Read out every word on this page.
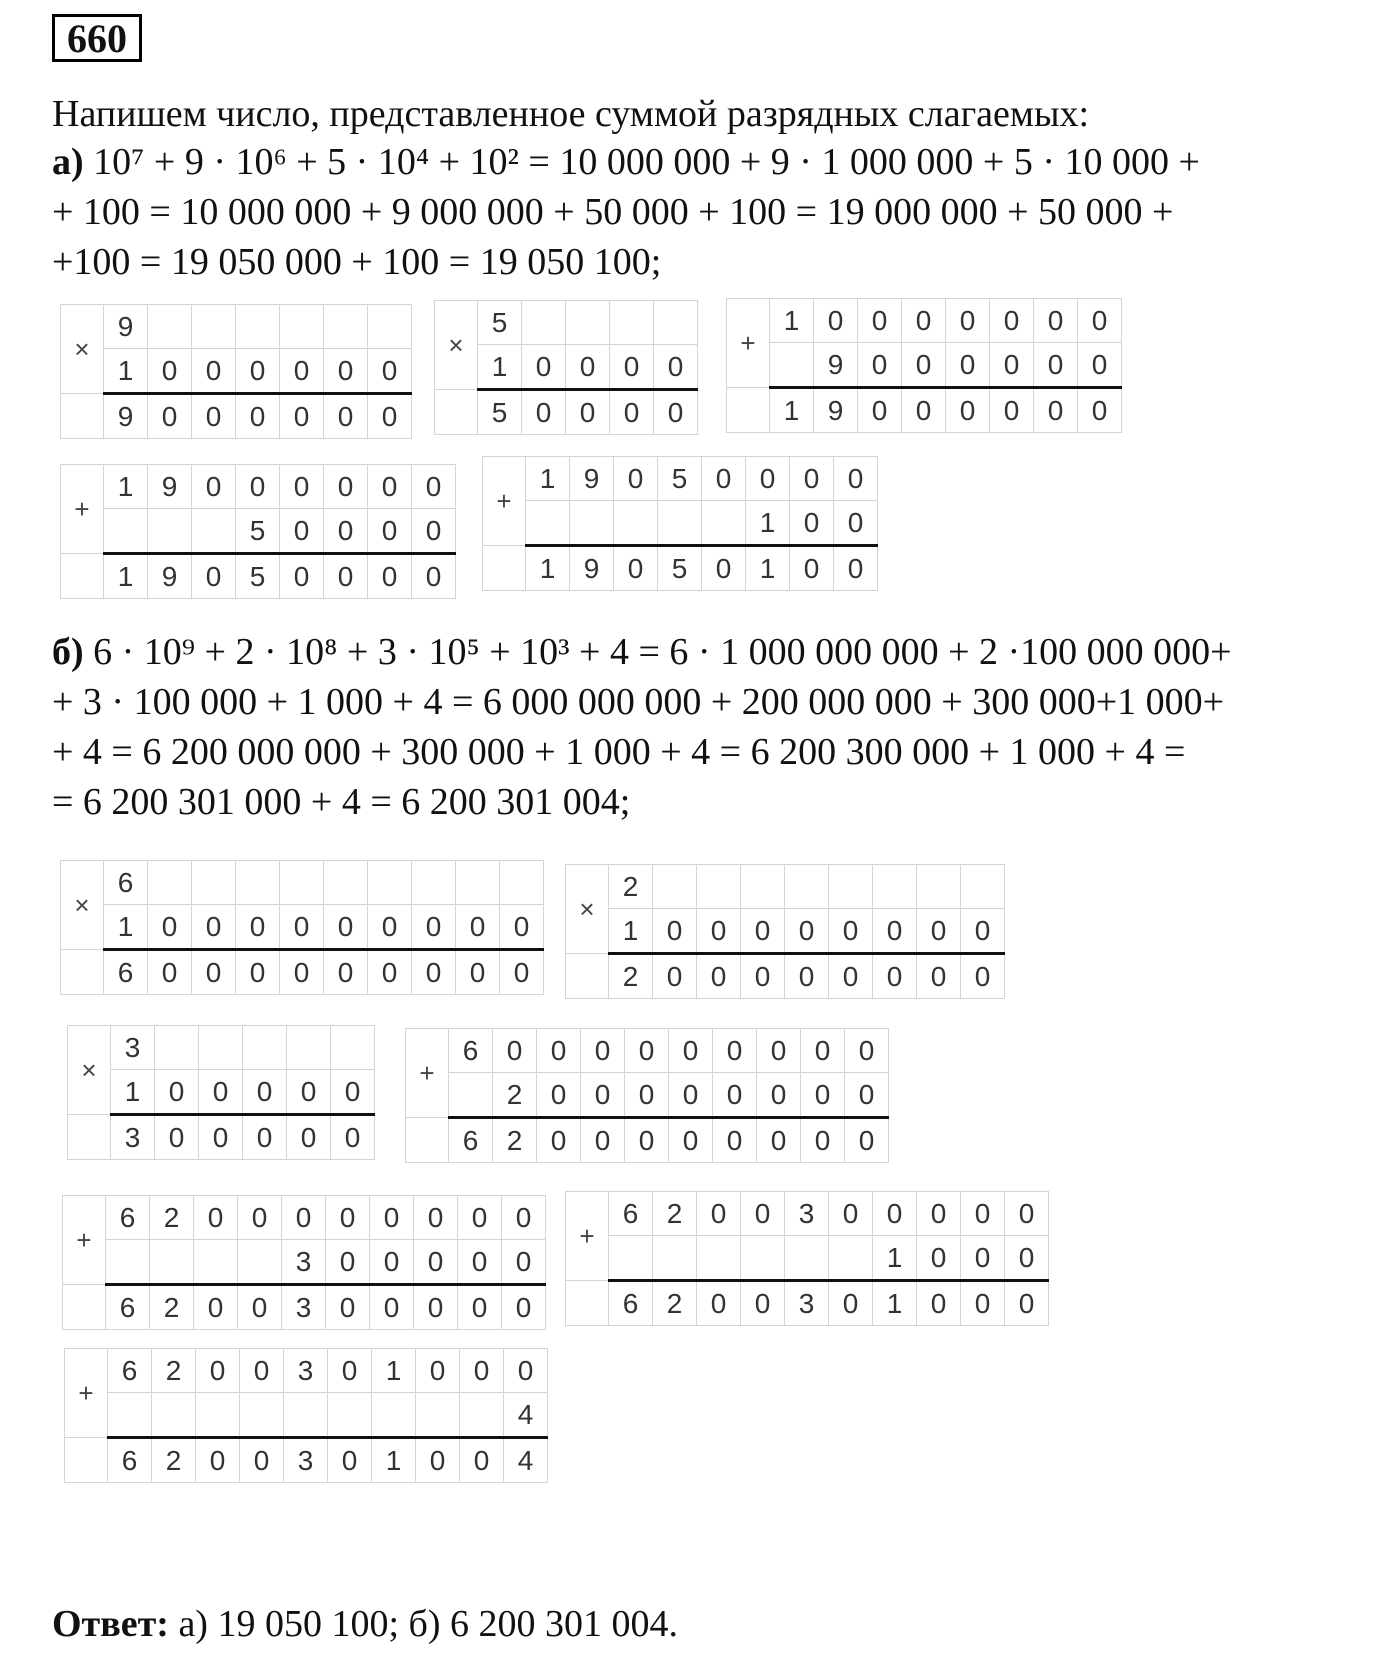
660
Напишем число, представленное суммой разрядных слагаемых:
а) 10⁷ + 9 · 10⁶ + 5 · 10⁴ + 10² = 10 000 000 + 9 · 1 000 000 + 5 · 10 000 +
+ 100 = 10 000 000 + 9 000 000 + 50 000 + 100 = 19 000 000 + 50 000 +
+100 = 19 050 000 + 100 = 19 050 100;
б) 6 · 10⁹ + 2 · 10⁸ + 3 · 10⁵ + 10³ + 4 = 6 · 1 000 000 000 + 2 ·100 000 000+
+ 3 · 100 000 + 1 000 + 4 = 6 000 000 000 + 200 000 000 + 300 000+1 000+
+ 4 = 6 200 000 000 + 300 000 + 1 000 + 4 = 6 200 300 000 + 1 000 + 4 =
= 6 200 301 000 + 4 = 6 200 301 004;
×	9						
	1	0	0	0	0	0	0
	9	0	0	0	0	0	0
×	5				
	1	0	0	0	0
	5	0	0	0	0
+	1	0	0	0	0	0	0	0
		9	0	0	0	0	0	0
	1	9	0	0	0	0	0	0
+	1	9	0	0	0	0	0	0
				5	0	0	0	0
	1	9	0	5	0	0	0	0
+	1	9	0	5	0	0	0	0
						1	0	0
	1	9	0	5	0	1	0	0
×	6									
	1	0	0	0	0	0	0	0	0	0
	6	0	0	0	0	0	0	0	0	0
×	2								
	1	0	0	0	0	0	0	0	0
	2	0	0	0	0	0	0	0	0
×	3					
	1	0	0	0	0	0
	3	0	0	0	0	0
+	6	0	0	0	0	0	0	0	0	0
		2	0	0	0	0	0	0	0	0
	6	2	0	0	0	0	0	0	0	0
+	6	2	0	0	0	0	0	0	0	0
					3	0	0	0	0	0
	6	2	0	0	3	0	0	0	0	0
+	6	2	0	0	3	0	0	0	0	0
							1	0	0	0
	6	2	0	0	3	0	1	0	0	0
+	6	2	0	0	3	0	1	0	0	0
										4
	6	2	0	0	3	0	1	0	0	4
Ответ: а) 19 050 100; б) 6 200 301 004.
